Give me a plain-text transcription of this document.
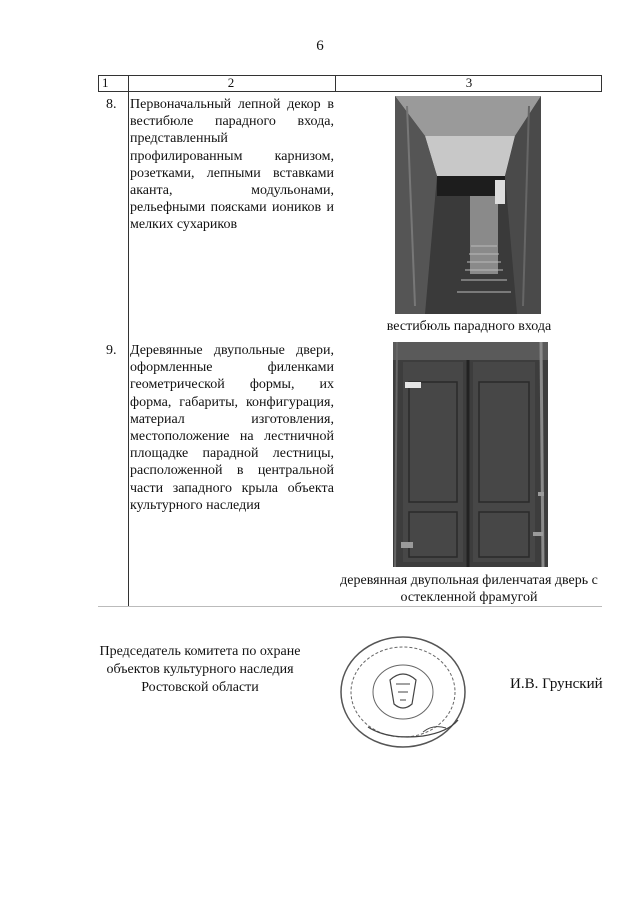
6
1	2	3
8. Первоначальный лепной декор в вестибюле парадного входа, представленный профилированным карнизом, розетками, лепными вставками аканта, модульонами, рельефными поясками иоников и мелких сухариков
вестибюль парадного входа
9. Деревянные двупольные двери, оформленные филенками геометрической формы, их форма, габариты, конфигурация, материал изготовления, местоположение на лестничной площадке парадной лестницы, расположенной в центральной части западного крыла объекта культурного наследия
деревянная двупольная филенчатая дверь с остекленной фрамугой
Председатель комитета по охране объектов культурного наследия Ростовской области	И.В. Грунский
